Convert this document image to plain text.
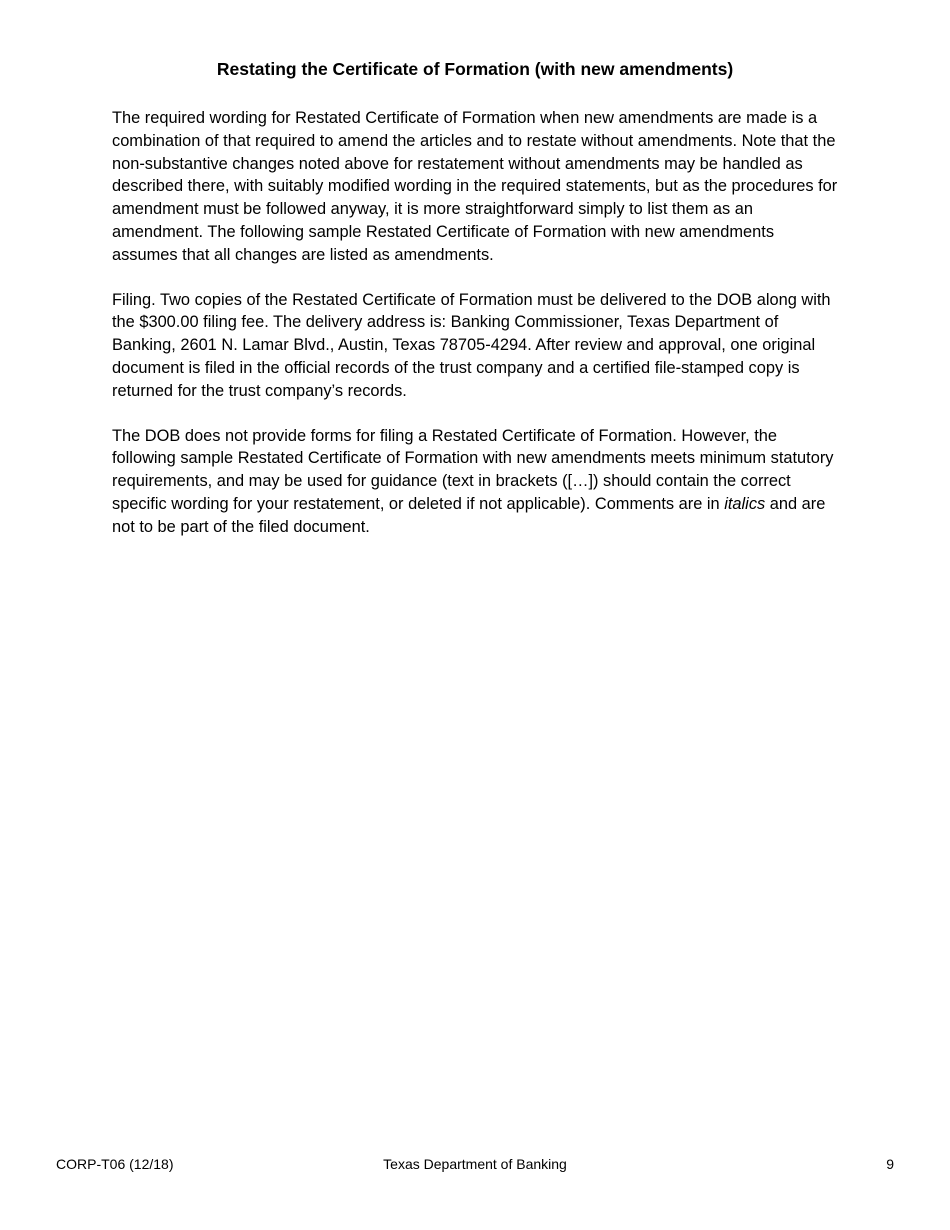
Restating the Certificate of Formation (with new amendments)

The required wording for Restated Certificate of Formation when new amendments are made is a combination of that required to amend the articles and to restate without amendments. Note that the non-substantive changes noted above for restatement without amendments may be handled as described there, with suitably modified wording in the required statements, but as the procedures for amendment must be followed anyway, it is more straightforward simply to list them as an amendment. The following sample Restated Certificate of Formation with new amendments assumes that all changes are listed as amendments.

Filing. Two copies of the Restated Certificate of Formation must be delivered to the DOB along with the $300.00 filing fee. The delivery address is: Banking Commissioner, Texas Department of Banking, 2601 N. Lamar Blvd., Austin, Texas 78705-4294. After review and approval, one original document is filed in the official records of the trust company and a certified file-stamped copy is returned for the trust company’s records.

The DOB does not provide forms for filing a Restated Certificate of Formation. However, the following sample Restated Certificate of Formation with new amendments meets minimum statutory requirements, and may be used for guidance (text in brackets ([…]) should contain the correct specific wording for your restatement, or deleted if not applicable). Comments are in italics and are not to be part of the filed document.

CORP-T06 (12/18)	Texas Department of Banking	9
